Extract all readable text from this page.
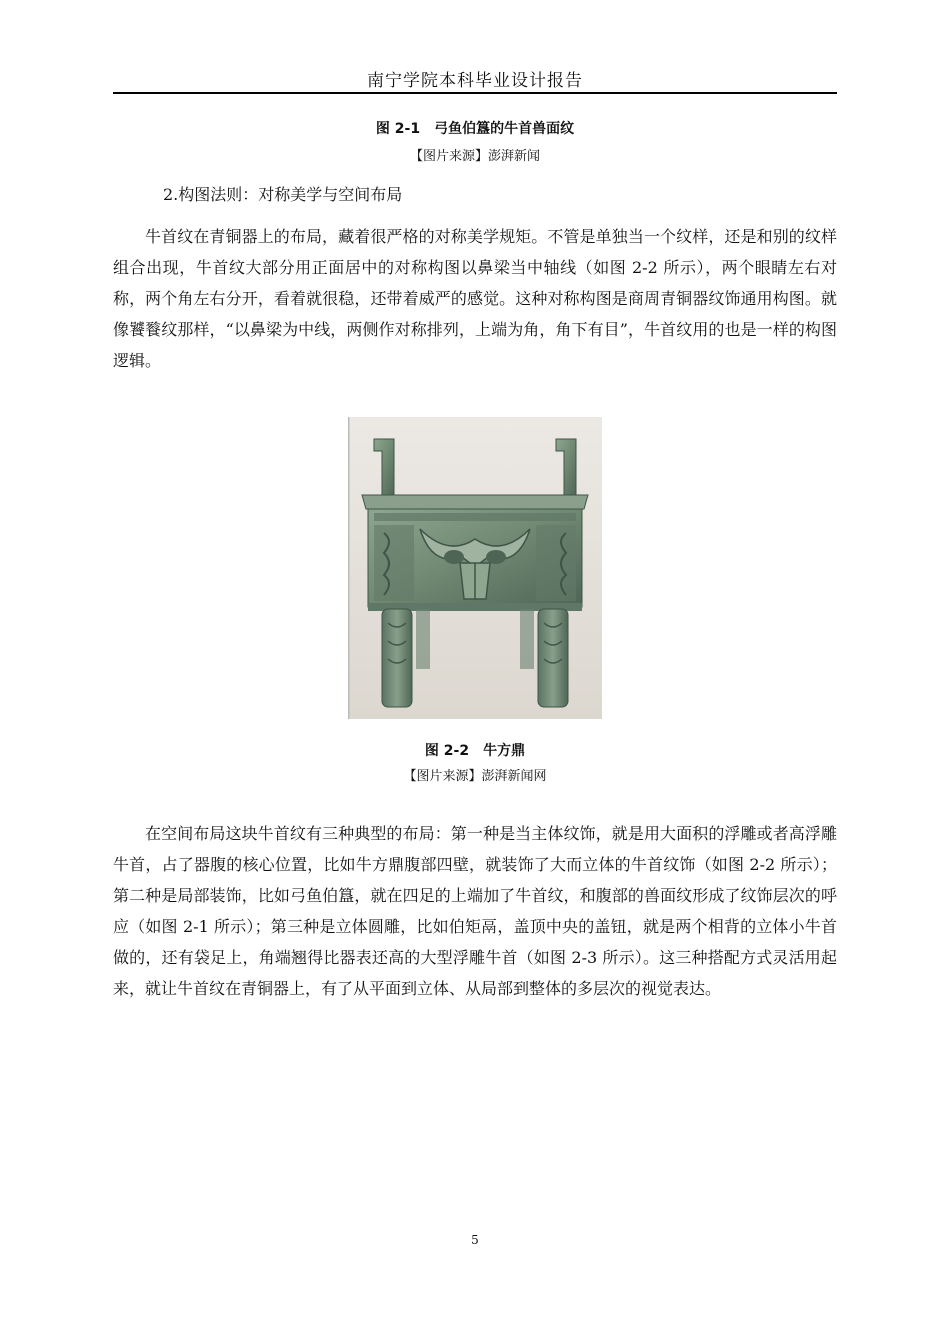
南宁学院本科毕业设计报告
图 2-1　弓鱼伯簋的牛首兽面纹
【图片来源】澎湃新闻
2.构图法则：对称美学与空间布局

牛首纹在青铜器上的布局，藏着很严格的对称美学规矩。不管是单独当一个纹样，还是和别的纹样组合出现，牛首纹大部分用正面居中的对称构图以鼻梁当中轴线（如图 2-2 所示），两个眼睛左右对称，两个角左右分开，看着就很稳，还带着威严的感觉。这种对称构图是商周青铜器纹饰通用构图。就像饕餮纹那样，“以鼻梁为中线，两侧作对称排列，上端为角，角下有目”，牛首纹用的也是一样的构图逻辑。

图 2-2　牛方鼎
【图片来源】澎湃新闻网

在空间布局这块牛首纹有三种典型的布局：第一种是当主体纹饰，就是用大面积的浮雕或者高浮雕牛首，占了器腹的核心位置，比如牛方鼎腹部四壁，就装饰了大而立体的牛首纹饰（如图 2-2 所示）；第二种是局部装饰，比如弓鱼伯簋，就在四足的上端加了牛首纹，和腹部的兽面纹形成了纹饰层次的呼应（如图 2-1 所示）；第三种是立体圆雕，比如伯矩鬲，盖顶中央的盖钮，就是两个相背的立体小牛首做的，还有袋足上，角端翘得比器表还高的大型浮雕牛首（如图 2-3 所示）。这三种搭配方式灵活用起来，就让牛首纹在青铜器上，有了从平面到立体、从局部到整体的多层次的视觉表达。

5
